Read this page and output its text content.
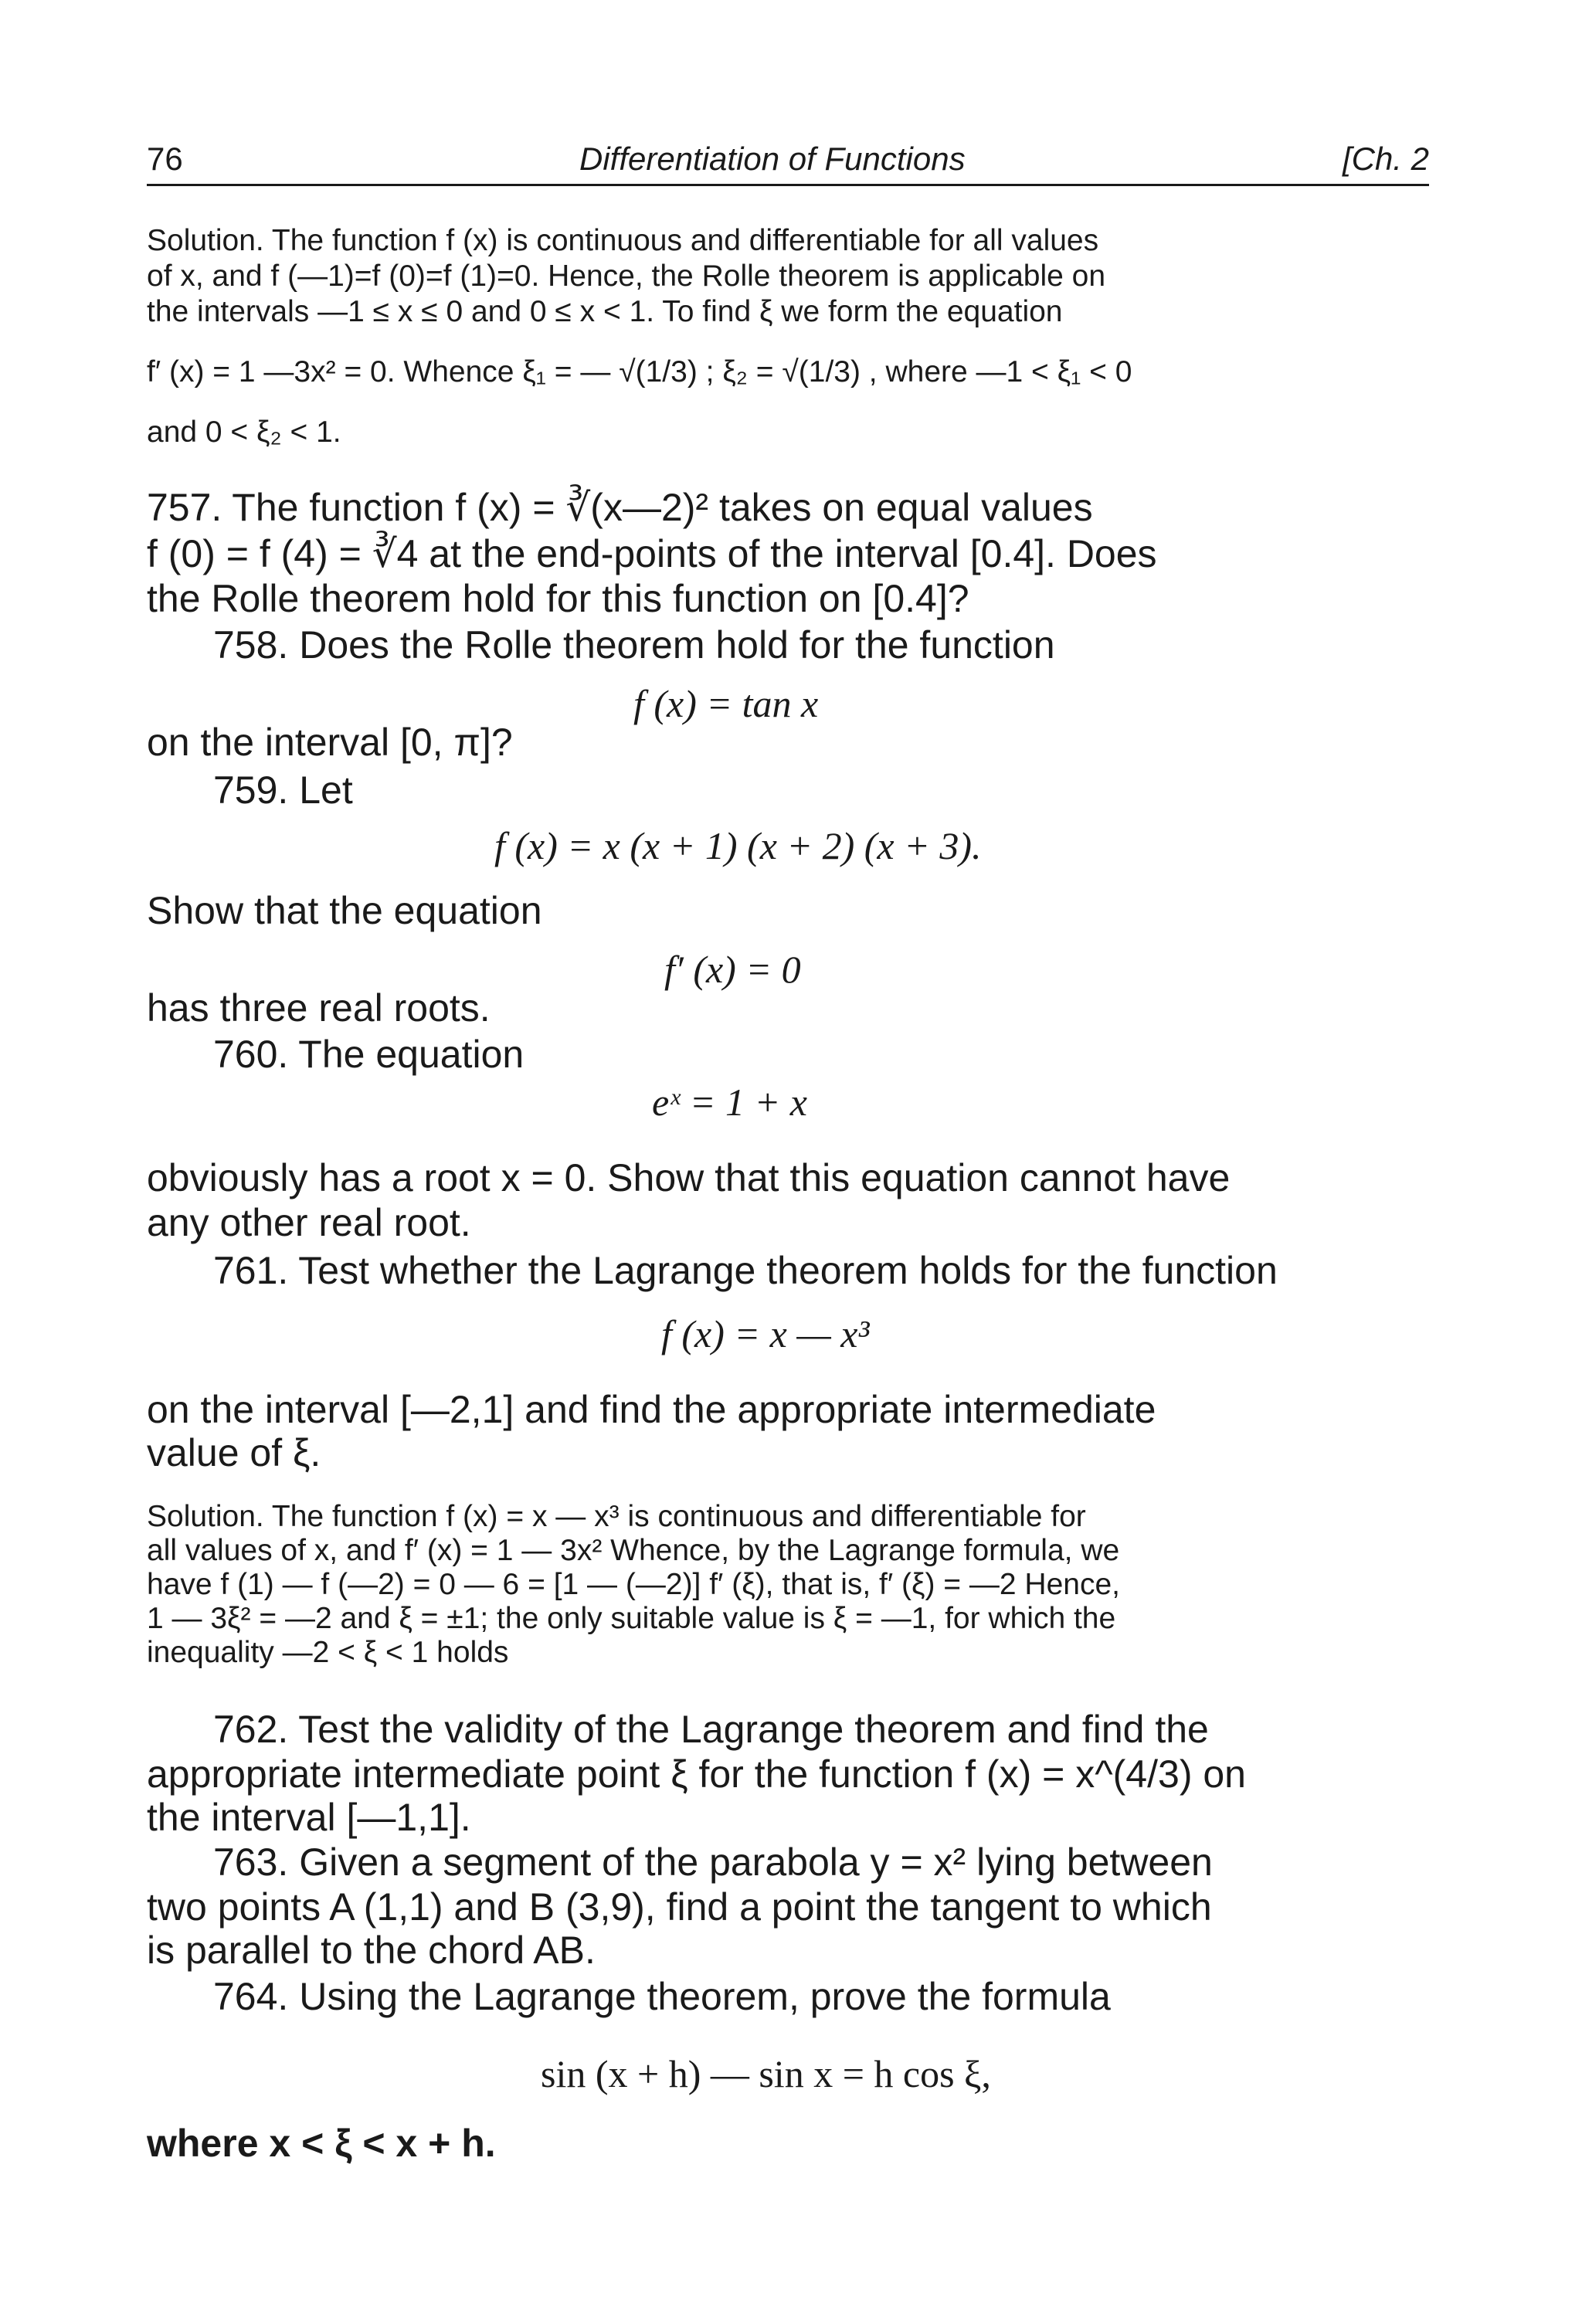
76	Differentiation of Functions	[Ch. 2
Solution. The function f (x) is continuous and differentiable for all values
of x, and f (—1)=f (0)=f (1)=0. Hence, the Rolle theorem is applicable on
the intervals —1 ≤ x ≤ 0 and 0 ≤ x < 1. To find ξ we form the equation
f′ (x) = 1 —3x² = 0. Whence ξ₁ = — √(1/3) ; ξ₂ = √(1/3) , where —1 < ξ₁ < 0
and 0 < ξ₂ < 1.
757. The function f (x) = ∛(x—2)² takes on equal values
f (0) = f (4) = ∛4 at the end-points of the interval [0.4]. Does
the Rolle theorem hold for this function on [0.4]?
758. Does the Rolle theorem hold for the function
f (x) = tan x
on the interval [0, π]?
759. Let
f (x) = x (x + 1) (x + 2) (x + 3).
Show that the equation
f′ (x) = 0
has three real roots.
760. The equation
eˣ = 1 + x
obviously has a root x = 0. Show that this equation cannot have
any other real root.
761. Test whether the Lagrange theorem holds for the function
f (x) = x — x³
on the interval [—2,1] and find the appropriate intermediate
value of ξ.
Solution. The function f (x) = x — x³ is continuous and differentiable for
all values of x, and f′ (x) = 1 — 3x² Whence, by the Lagrange formula, we
have f (1) — f (—2) = 0 — 6 = [1 — (—2)] f′ (ξ), that is, f′ (ξ) = —2 Hence,
1 — 3ξ² = —2 and ξ = ±1; the only suitable value is ξ = —1, for which the
inequality —2 < ξ < 1 holds
762. Test the validity of the Lagrange theorem and find the
appropriate intermediate point ξ for the function f (x) = x^(4/3) on
the interval [—1,1].
763. Given a segment of the parabola y = x² lying between
two points A (1,1) and B (3,9), find a point the tangent to which
is parallel to the chord AB.
764. Using the Lagrange theorem, prove the formula
sin (x + h) — sin x = h cos ξ,
where x < ξ < x + h.
